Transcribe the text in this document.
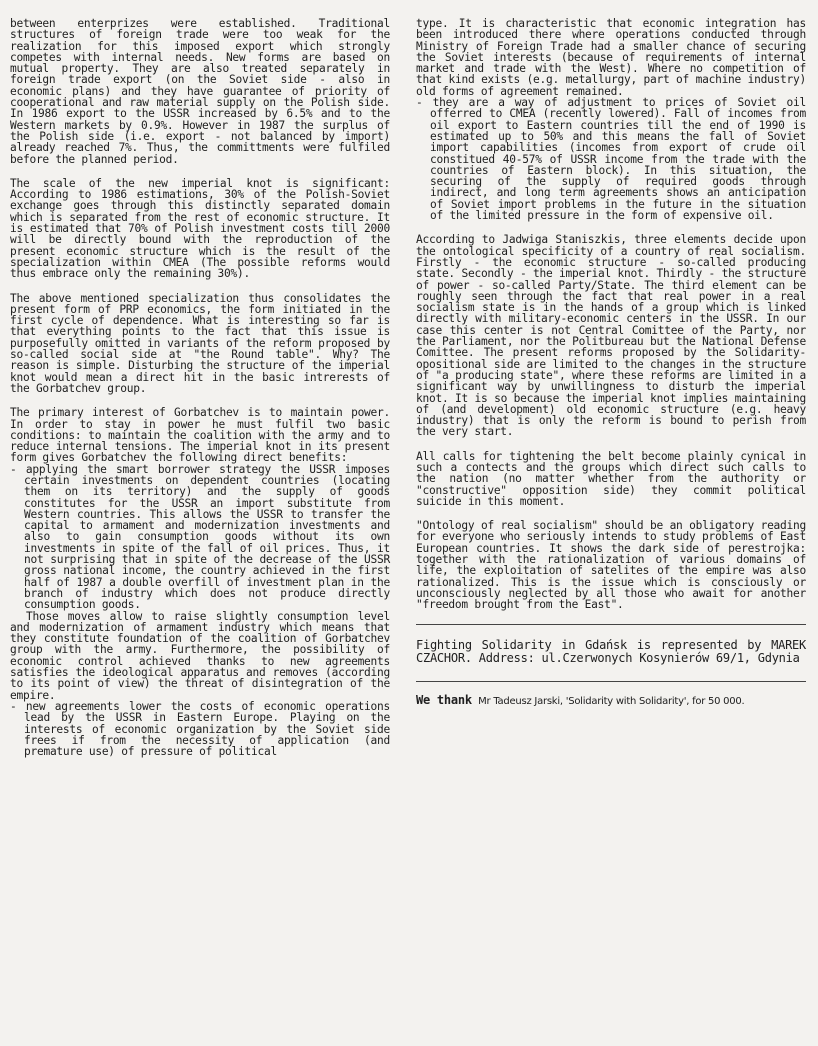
between enterprizes were established. Traditional structures of foreign trade were too weak for the realization for this imposed export which strongly competes with internal needs. New forms are based on mutual property. They are also treated separately in foreign trade export (on the Soviet side - also in economic plans) and they have guarantee of priority of cooperational and raw material supply on the Polish side. In 1986 export to the USSR increased by 6.5% and to the Western markets by 0.9%. However in 1987 the surplus of the Polish side (i.e. export - not balanced by import) already reached 7%. Thus, the committments were fulfiled before the planned period.

The scale of the new imperial knot is significant: According to 1986 estimations, 30% of the Polish-Soviet exchange goes through this distinctly separated domain which is separated from the rest of economic structure. It is estimated that 70% of Polish investment costs till 2000 will be directly bound with the reproduction of the present economic structure which is the result of the specialization within CMEA (The possible reforms would thus embrace only the remaining 30%).

The above mentioned specialization thus consolidates the present form of PRP economics, the form initiated in the first cycle of dependence. What is interesting so far is that everything points to the fact that this issue is purposefully omitted in variants of the reform proposed by so-called social side at "the Round table". Why? The reason is simple. Disturbing the structure of the imperial knot would mean a direct hit in the basic intrerests of the Gorbatchev group.

The primary interest of Gorbatchev is to maintain power. In order to stay in power he must fulfil two basic conditions: to maintain the coalition with the army and to reduce internal tensions. The imperial knot in its present form gives Gorbatchev the following direct benefits:

- applying the smart borrower strategy the USSR imposes certain investments on dependent countries (locating them on its territory) and the supply of goods constitutes for the USSR an import substitute from Western countries. This allows the USSR to transfer the capital to armament and modernization investments and also to gain consumption goods without its own investments in spite of the fall of oil prices. Thus, it not surprising that in spite of the decrease of the USSR gross national income, the country achieved in the first half of 1987 a double overfill of investment plan in the branch of industry which does not produce directly consumption goods.

Those moves allow to raise slightly consumption level and modernization of armament industry which means that they constitute foundation of the coalition of Gorbatchev group with the army. Furthermore, the possibility of economic control achieved thanks to new agreements satisfies the ideological apparatus and removes (according to its point of view) the threat of disintegration of the empire.

- new agreements lower the costs of economic operations lead by the USSR in Eastern Europe. Playing on the interests of economic organization by the Soviet side frees if from the necessity of application (and premature use) of pressure of political

type. It is characteristic that economic integration has been introduced there where operations conducted through Ministry of Foreign Trade had a smaller chance of securing the Soviet interests (because of requirements of internal market and trade with the West). Where no competition of that kind exists (e.g. metallurgy, part of machine industry) old forms of agreement remained.

- they are a way of adjustment to prices of Soviet oil offerred to CMEA (recently lowered). Fall of incomes from oil export to Eastern countries till the end of 1990 is estimated up to 50% and this means the fall of Soviet import capabilities (incomes from export of crude oil constitued 40-57% of USSR income from the trade with the countries of Eastern block). In this situation, the securing of the supply of required goods through indirect, and long term agreements shows an anticipation of Soviet import problems in the future in the situation of the limited pressure in the form of expensive oil.

According to Jadwiga Staniszkis, three elements decide upon the ontological specificity of a country of real socialism. Firstly - the economic structure - so-called producing state. Secondly - the imperial knot. Thirdly - the structure of power - so-called Party/State. The third element can be roughly seen through the fact that real power in a real socialism state is in the hands of a group which is linked directly with military-economic centers in the USSR. In our case this center is not Central Comittee of the Party, nor the Parliament, nor the Politbureau but the National Defense Comittee. The present reforms proposed by the Solidarity-opositional side are limited to the changes in the structure of "a producing state", where these reforms are limited in a significant way by unwillingness to disturb the imperial knot. It is so because the imperial knot implies maintaining of (and development) old economic structure (e.g. heavy industry) that is only the reform is bound to perish from the very start.

All calls for tightening the belt become plainly cynical in such a contects and the groups which direct such calls to the nation (no matter whether from the authority or "constructive" opposition side) they commit political suicide in this moment.

"Ontology of real socialism" should be an obligatory reading for everyone who seriously intends to study problems of East European countries. It shows the dark side of perestrojka: together with the rationalization of various domains of life, the exploitation of satelites of the empire was also rationalized. This is the issue which is consciously or unconsciously neglected by all those who await for another "freedom brought from the East".

Fighting Solidarity in Gdańsk is represented by MAREK CZACHOR. Address: ul.Czerwonych Kosynierów 69/1, Gdynia
We thank Mr Tadeusz Jarski, 'Solidarity with Solidarity', for 50 000.
